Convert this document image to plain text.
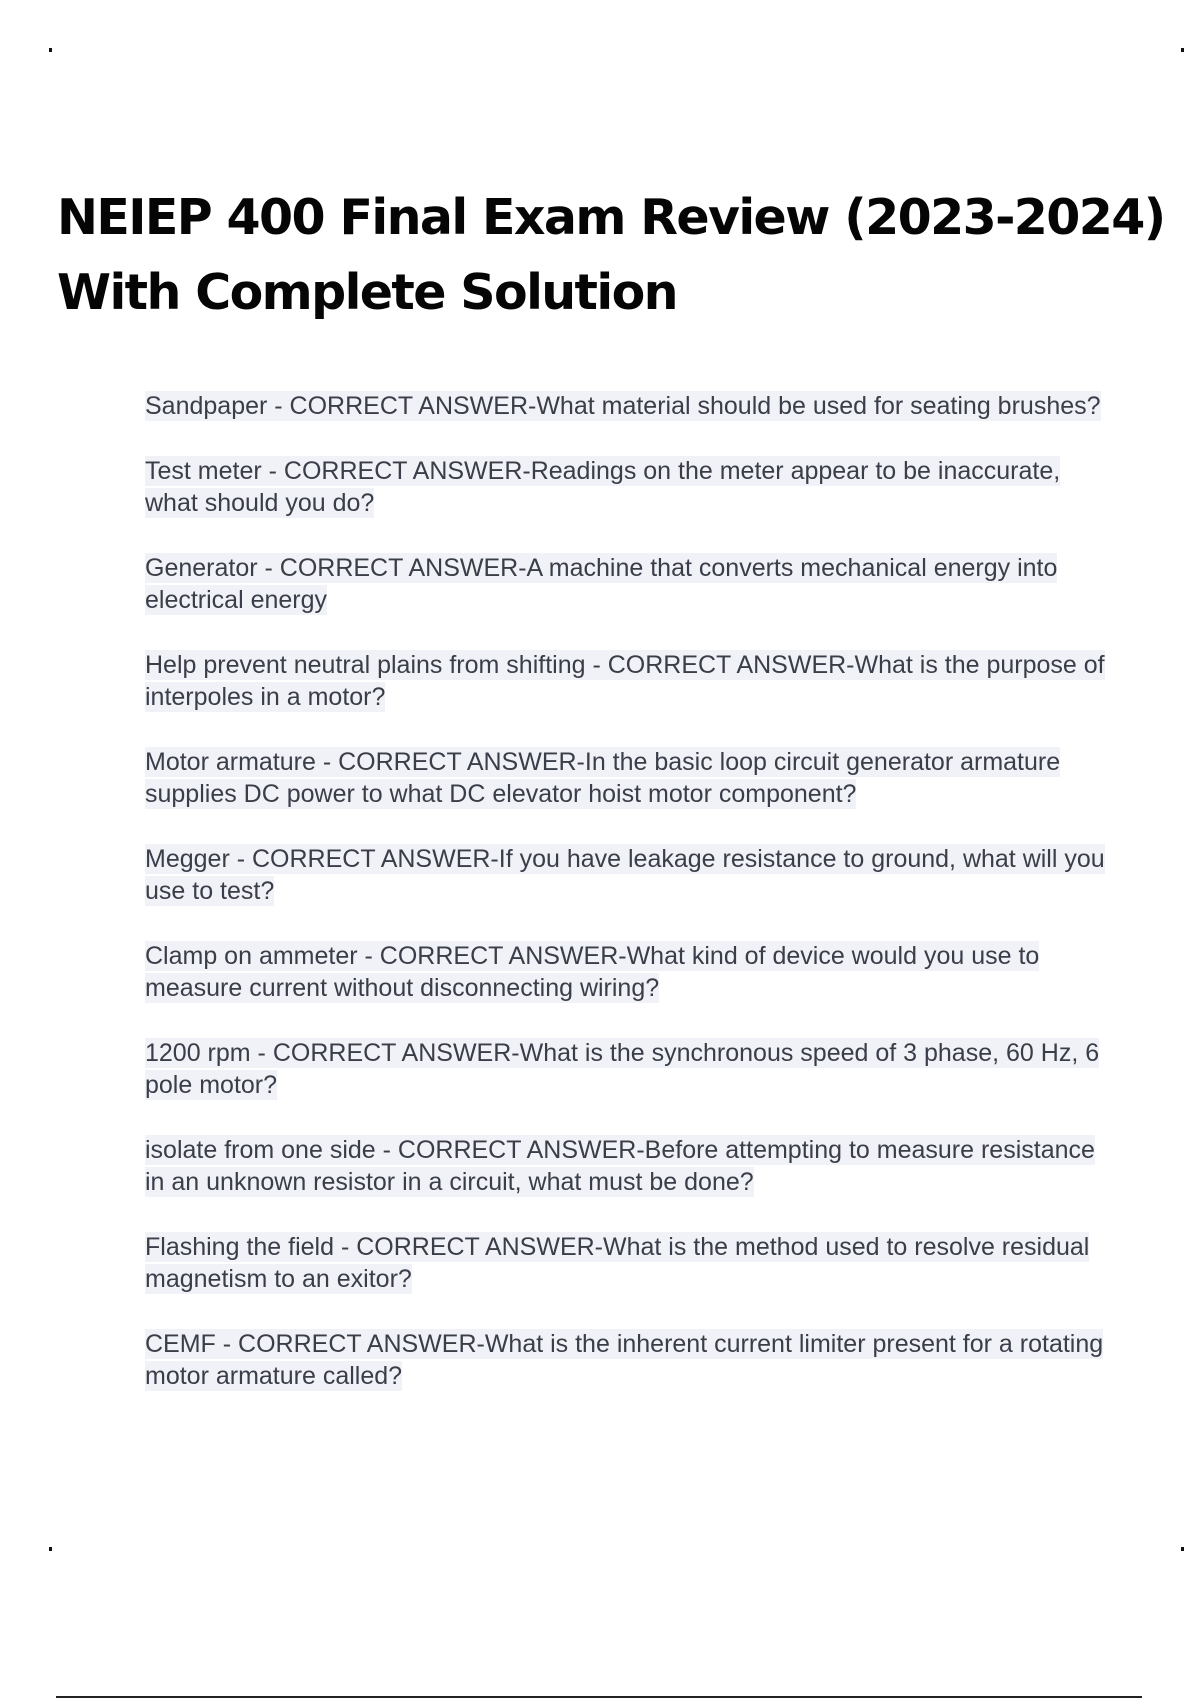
NEIEP 400 Final Exam Review (2023-2024)
With Complete Solution
Sandpaper - CORRECT ANSWER-What material should be used for seating brushes?
Test meter - CORRECT ANSWER-Readings on the meter appear to be inaccurate, what should you do?
Generator - CORRECT ANSWER-A machine that converts mechanical energy into electrical energy
Help prevent neutral plains from shifting - CORRECT ANSWER-What is the purpose of interpoles in a motor?
Motor armature - CORRECT ANSWER-In the basic loop circuit generator armature supplies DC power to what DC elevator hoist motor component?
Megger - CORRECT ANSWER-If you have leakage resistance to ground, what will you use to test?
Clamp on ammeter - CORRECT ANSWER-What kind of device would you use to measure current without disconnecting wiring?
1200 rpm - CORRECT ANSWER-What is the synchronous speed of 3 phase, 60 Hz, 6 pole motor?
isolate from one side - CORRECT ANSWER-Before attempting to measure resistance in an unknown resistor in a circuit, what must be done?
Flashing the field - CORRECT ANSWER-What is the method used to resolve residual magnetism to an exitor?
CEMF - CORRECT ANSWER-What is the inherent current limiter present for a rotating motor armature called?
